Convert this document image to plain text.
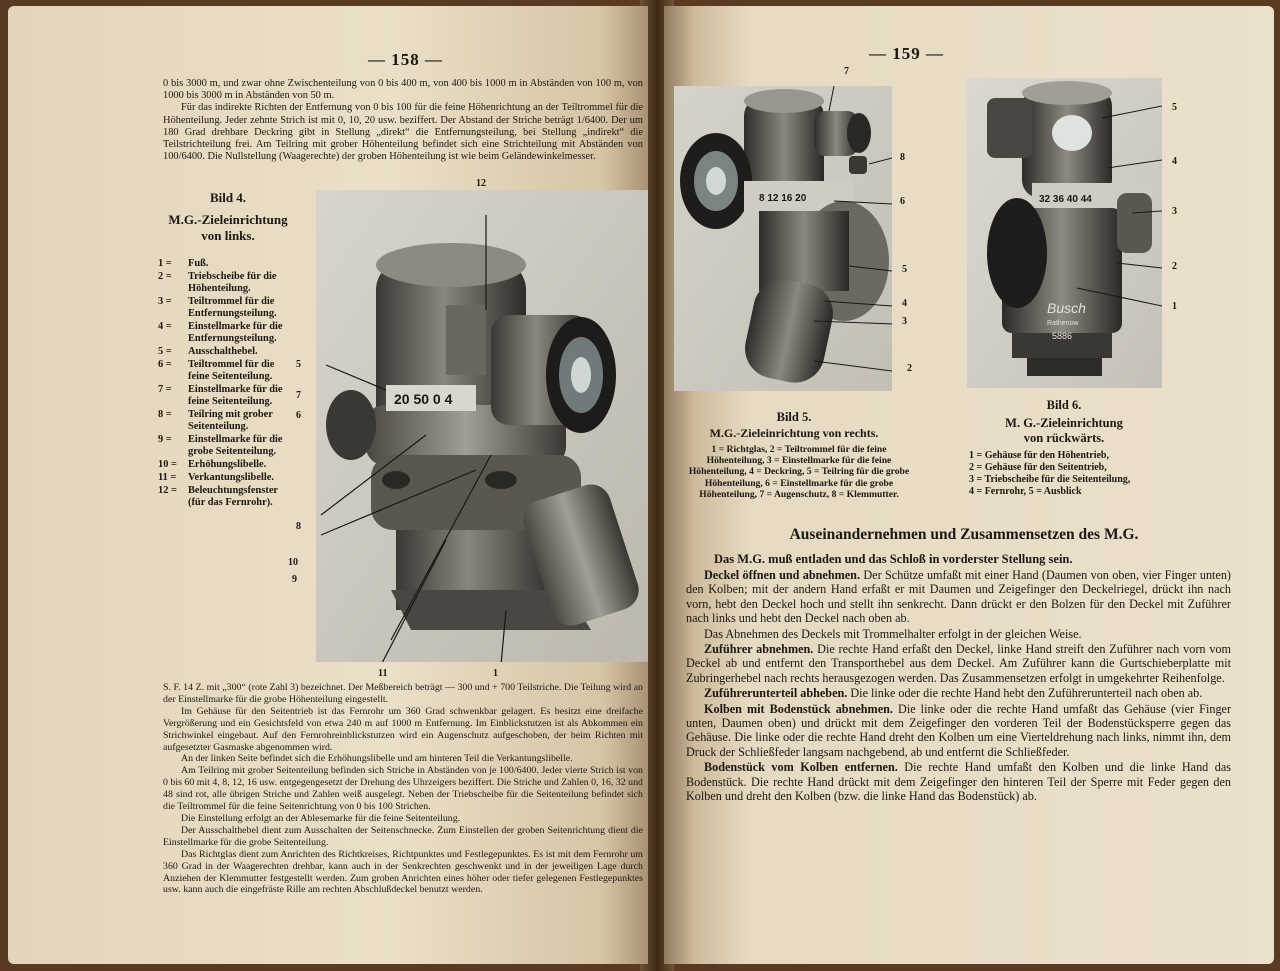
— 158 —

0 bis 3000 m, und zwar ohne Zwischenteilung von 0 bis 400 m, von 400 bis 1000 m in Abständen von 100 m, von 1000 bis 3000 m in Abständen von 50 m.

Für das indirekte Richten der Entfernung von 0 bis 100 für die feine Höhenrichtung an der Teiltrommel für die Höhenteilung. Jeder zehnte Strich ist mit 0, 10, 20 usw. beziffert. Der Abstand der Striche beträgt 1/6400. Der um 180 Grad drehbare Deckring gibt in Stellung „direkt“ die Entfernungsteilung, bei Stellung „indirekt“ die Teilstrichteilung frei. Am Teilring mit grober Höhenteilung befindet sich eine Strichteilung mit Abständen von 100/6400. Die Nullstellung (Waagerechte) der groben Höhenteilung ist wie beim Geländewinkelmesser.

Bild 4.
M.G.-Zieleinrichtung
von links.
1 =	Fuß.
2 =	Triebscheibe für die Höhenteilung.
3 =	Teiltrommel für die Entfernungsteilung.
4 =	Einstellmarke für die Entfernungsteilung.
5 =	Ausschalthebel.
6 =	Teiltrommel für die feine Seitenteilung.
7 =	Einstellmarke für die feine Seitenteilung.
8 =	Teilring mit grober Seitenteilung.
9 =	Einstellmarke für die grobe Seitenteilung.
10 =	Erhöhungslibelle.
11 =	Verkantungslibelle.
12 =	Beleuchtungsfenster (für das Fernrohr).
20 50 0 4
12
5
7
6
8
10
9
11	1

S. F. 14 Z. mit „300“ (rote Zahl 3) bezeichnet. Der Meßbereich beträgt — 300 und + 700 Teilstriche. Die Teilung wird an der Einstellmarke für die grobe Höhenteilung eingestellt.

Im Gehäuse für den Seitentrieb ist das Fernrohr um 360 Grad schwenkbar gelagert. Es besitzt eine dreifache Vergrößerung und ein Gesichtsfeld von etwa 240 m auf 1000 m Entfernung. Im Einblickstutzen ist als Abkommen ein Strichwinkel eingebaut. Auf den Fernrohreinblickstutzen wird ein Augenschutz aufgeschoben, der beim Richten mit aufgesetzter Gasmaske abgenommen wird.

An der linken Seite befindet sich die Erhöhungslibelle und am hinteren Teil die Verkantungslibelle.

Am Teilring mit grober Seitenteilung befinden sich Striche in Abständen von je 100/6400. Jeder vierte Strich ist von 0 bis 60 mit 4, 8, 12, 16 usw. entgegengesetzt der Drehung des Uhrzeigers beziffert. Die Striche und Zahlen 0, 16, 32 und 48 sind rot, alle übrigen Striche und Zahlen weiß ausgelegt. Neben der Triebscheibe für die Seitenteilung befindet sich die Teiltrommel für die feine Seitenrichtung von 0 bis 100 Strichen.

Die Einstellung erfolgt an der Ablesemarke für die feine Seitenteilung.

Der Ausschalthebel dient zum Ausschalten der Seitenschnecke. Zum Einstellen der groben Seitenrichtung dient die Einstellmarke für die grobe Seitenteilung.

Das Richtglas dient zum Anrichten des Richtkreises, Richtpunktes und Festlegepunktes. Es ist mit dem Fernrohr um 360 Grad in der Waagerechten drehbar, kann auch in der Senkrechten geschwenkt und in der jeweiligen Lage durch Anziehen der Klemmutter festgestellt werden. Zum groben Anrichten eines höher oder tiefer gelegenen Festlegepunktes usw. kann auch die eingefräste Rille am rechten Abschlußdeckel benutzt werden.

— 159 —
8 12 16 20
7
8
6
5
4
3
2
32 36 40 44
Busch
Rathenow
5886
5
4
3
2
1
Bild 5.
M.G.-Zieleinrichtung von rechts.
1 = Richtglas, 2 = Teiltrommel für die feine Höhenteilung, 3 = Einstellmarke für die feine Höhenteilung, 4 = Deckring, 5 = Teilring für die grobe Höhenteilung, 6 = Einstellmarke für die grobe Höhenteilung, 7 = Augenschutz, 8 = Klemmutter.
Bild 6.
M. G.-Zieleinrichtung
von rückwärts.
1 = Gehäuse für den Höhentrieb,
2 = Gehäuse für den Seitentrieb,
3 = Triebscheibe für die Seitenteilung,
4 = Fernrohr, 5 = Ausblick
Auseinandernehmen und Zusammensetzen des M.G.
Das M.G. muß entladen und das Schloß in vorderster Stellung sein.

Deckel öffnen und abnehmen. Der Schütze umfaßt mit einer Hand (Daumen von oben, vier Finger unten) den Kolben; mit der andern Hand erfaßt er mit Daumen und Zeigefinger den Deckelriegel, drückt ihn nach vorn, hebt den Deckel hoch und stellt ihn senkrecht. Dann drückt er den Bolzen für den Deckel mit Zuführer nach links und hebt den Deckel nach oben ab.

Das Abnehmen des Deckels mit Trommelhalter erfolgt in der gleichen Weise.

Zuführer abnehmen. Die rechte Hand erfaßt den Deckel, linke Hand streift den Zuführer nach vorn vom Deckel ab und entfernt den Transporthebel aus dem Deckel. Am Zuführer kann die Gurtschieberplatte mit Zubringerhebel nach rechts herausgezogen werden. Das Zusammensetzen erfolgt in umgekehrter Reihenfolge.

Zuführerunterteil abheben. Die linke oder die rechte Hand hebt den Zuführerunterteil nach oben ab.

Kolben mit Bodenstück abnehmen. Die linke oder die rechte Hand umfaßt das Gehäuse (vier Finger unten, Daumen oben) und drückt mit dem Zeigefinger den vorderen Teil der Bodenstücksperre gegen das Gehäuse. Die linke oder die rechte Hand dreht den Kolben um eine Vierteldrehung nach links, nimmt ihn, dem Druck der Schließfeder langsam nachgebend, ab und entfernt die Schließfeder.

Bodenstück vom Kolben entfernen. Die rechte Hand umfaßt den Kolben und die linke Hand das Bodenstück. Die rechte Hand drückt mit dem Zeigefinger den hinteren Teil der Sperre mit Feder gegen den Kolben und dreht den Kolben (bzw. die linke Hand das Bodenstück) ab.
